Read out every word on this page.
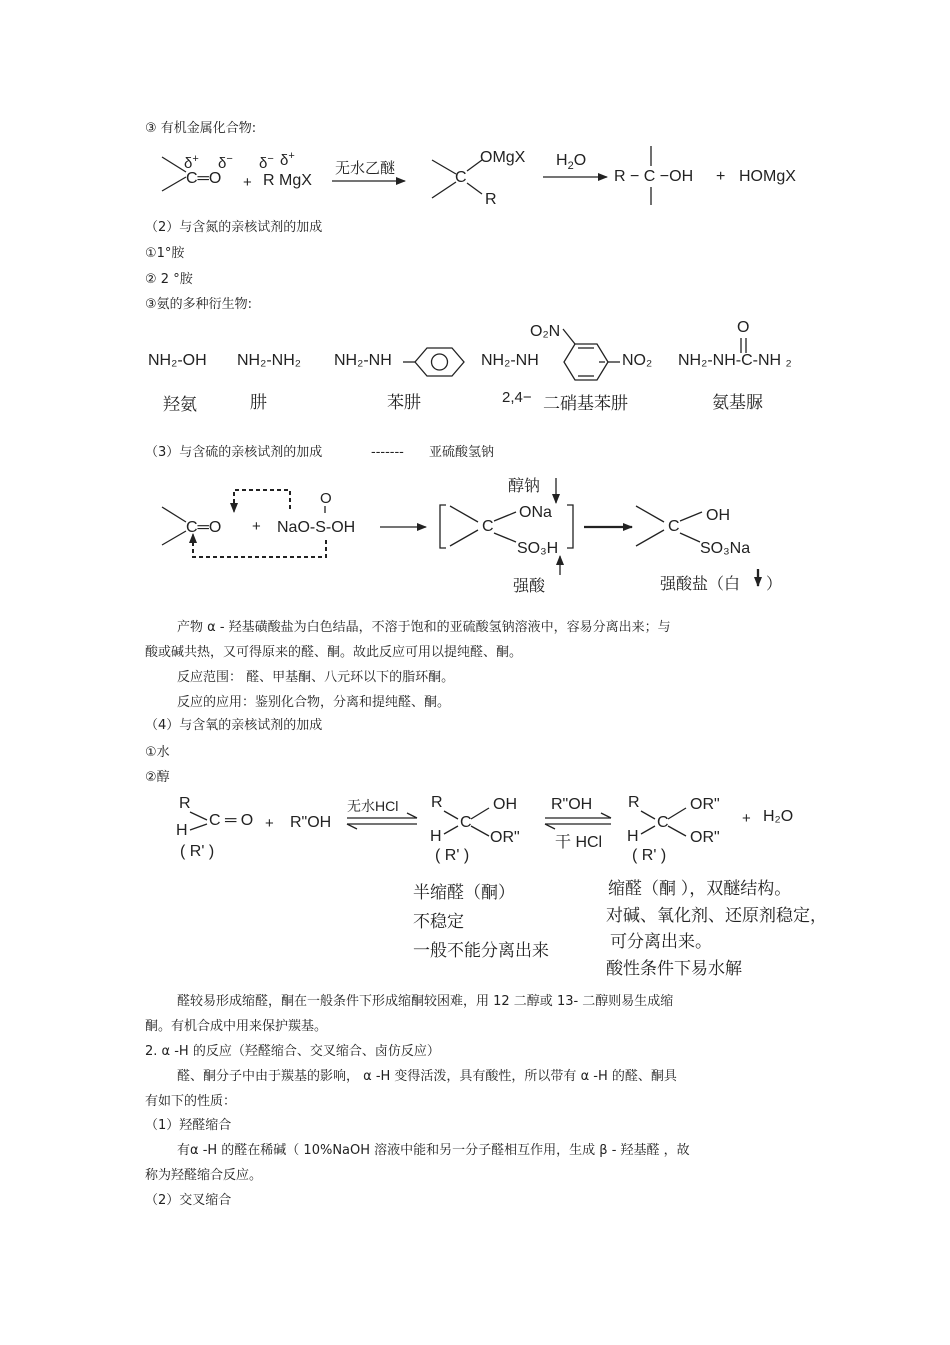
③ 有机金属化合物:
δ+ δ−
C═O +
δ− δ+
R MgX
无水乙醚
OMgX
C
R
$H_2O$
R − C −OH + HOMgX
（2）与含氮的亲核试剂的加成
①1°胺
② 2 °胺
③氨的多种衍生物:
NH₂-OH
羟氨
NH₂-NH₂
肼
NH₂-NH
苯肼
O₂N
NH₂-NH	NO₂
2,4− 二硝基苯肼
O
NH₂-NH-C-NH ₂
氨基脲
（3）与含硫的亲核试剂的加成	------- 亚硫酸氢钠
C═O +
O
NaO-S-OH
醇钠
ONa
C
SO₃H
强酸
OH
C
SO₃Na
强酸盐（白 ）
产物 α - 羟基磺酸盐为白色结晶，不溶于饱和的亚硫酸氢钠溶液中，容易分离出来；与
酸或碱共热，又可得原来的醛、酮。故此反应可用以提纯醛、酮。
反应范围： 醛、甲基酮、八元环以下的脂环酮。
反应的应用：鉴别化合物，分离和提纯醛、酮。
（4）与含氧的亲核试剂的加成
①水
②醇
R
H
C ═ O
( R' )
+ R"OH
无水HCl R	OH
C
H	OR"
( R' )
R"OH
干 HCl
R	OR"
C
H	OR"
( R' )
+ H₂O
半缩醛（酮）
不稳定
一般不能分离出来
缩醛（酮 ），双醚结构。
对碱、氧化剂、还原剂稳定，
可分离出来。
酸性条件下易水解
醛较易形成缩醛，酮在一般条件下形成缩酮较困难，用 12 二醇或 13- 二醇则易生成缩
酮。有机合成中用来保护羰基。
2. α -H 的反应（羟醛缩合、交叉缩合、卤仿反应）
醛、酮分子中由于羰基的影响， α -H 变得活泼，具有酸性，所以带有 α -H 的醛、酮具
有如下的性质：
（1）羟醛缩合
有α -H 的醛在稀碱（ 10%NaOH 溶液中能和另一分子醛相互作用，生成 β - 羟基醛 ，故
称为羟醛缩合反应。
（2）交叉缩合
